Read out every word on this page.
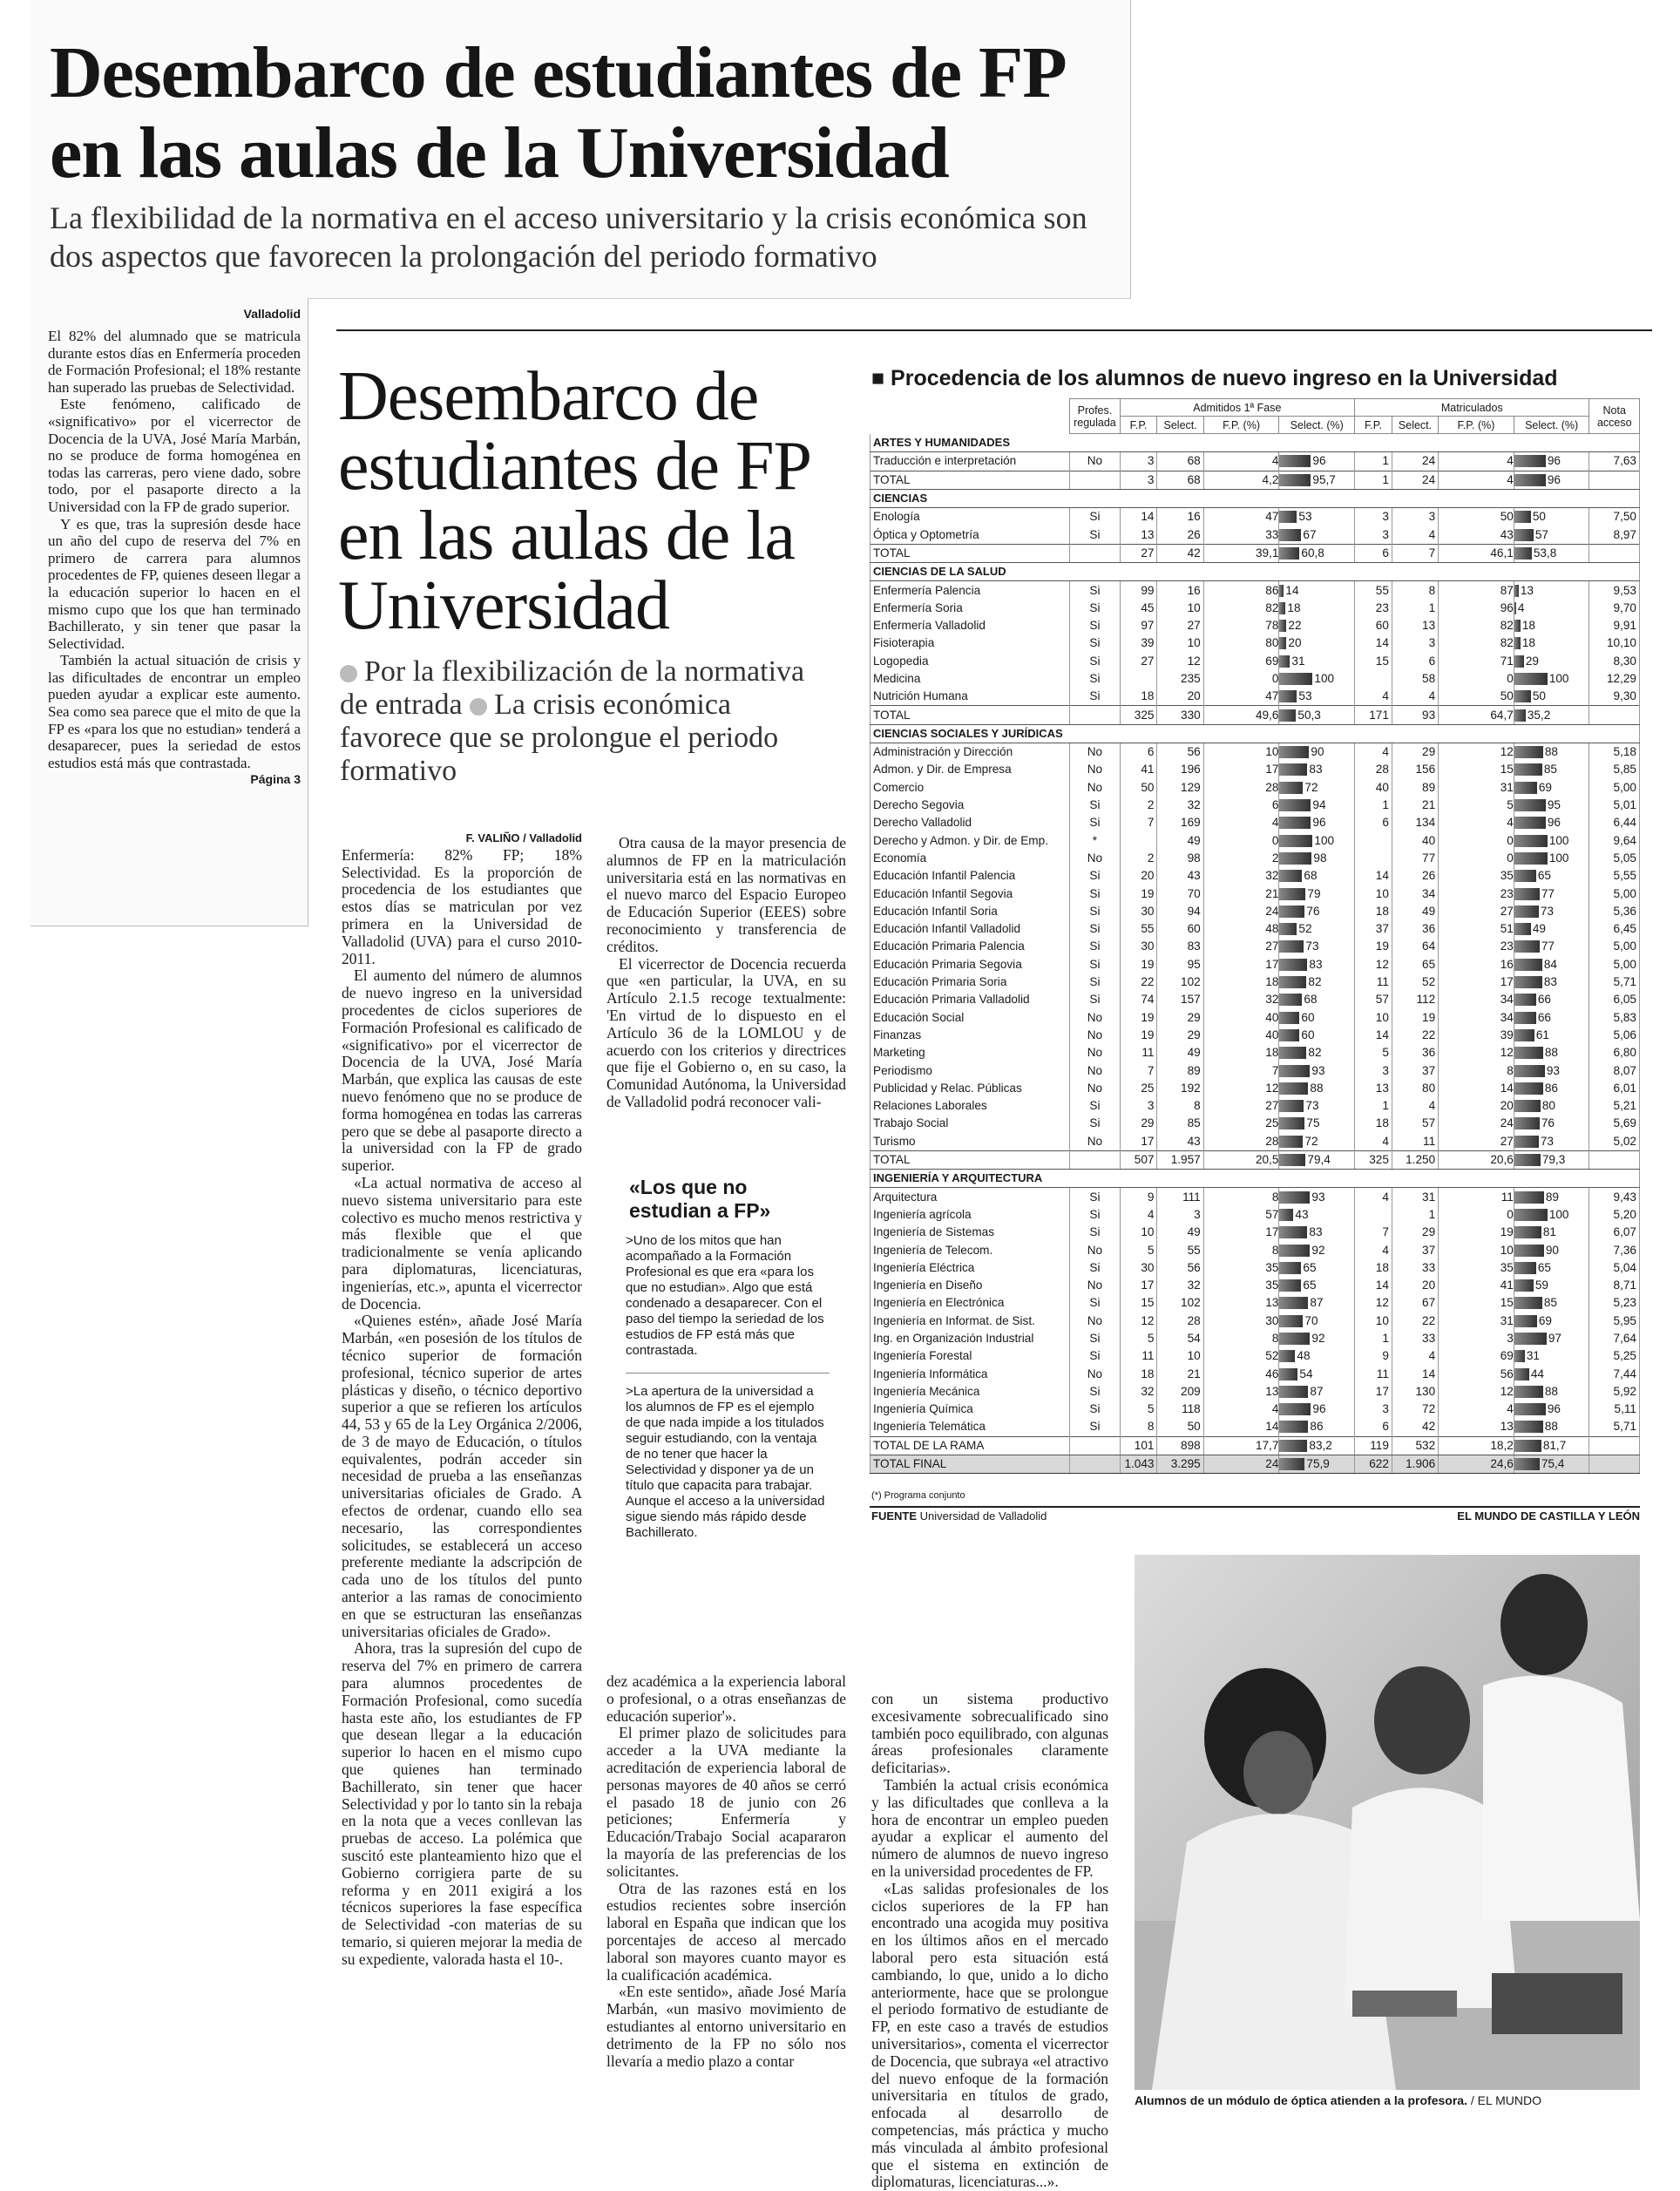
Desembarco de estudiantes de FP en las aulas de la Universidad
La flexibilidad de la normativa en el acceso universitario y la crisis económica son dos aspectos que favorecen la prolongación del periodo formativo
Valladolid

El 82% del alumnado que se matricula durante estos días en Enfermería proceden de Formación Profesional; el 18% restante han superado las pruebas de Selectividad.

Este fenómeno, calificado de «significativo» por el vicerrector de Docencia de la UVA, José María Marbán, no se produce de forma homogénea en todas las carreras, pero viene dado, sobre todo, por el pasaporte directo a la Universidad con la FP de grado superior.

Y es que, tras la supresión desde hace un año del cupo de reserva del 7% en primero de carrera para alumnos procedentes de FP, quienes deseen llegar a la educación superior lo hacen en el mismo cupo que los que han terminado Bachillerato, y sin tener que pasar la Selectividad.

También la actual situación de crisis y las dificultades de encontrar un empleo pueden ayudar a explicar este aumento. Sea como sea parece que el mito de que la FP es «para los que no estudian» tenderá a desaparecer, pues la seriedad de estos estudios está más que contrastada.
Página 3

Desembarco de estudiantes de FP en las aulas de la Universidad
Por la flexibilización de la normativa de entrada La crisis económica favorece que se prolongue el periodo formativo
F. VALIÑO / Valladolid

Enfermería: 82% FP; 18% Selectividad. Es la proporción de procedencia de los estudiantes que estos días se matriculan por vez primera en la Universidad de Valladolid (UVA) para el curso 2010-2011.

El aumento del número de alumnos de nuevo ingreso en la universidad procedentes de ciclos superiores de Formación Profesional es calificado de «significativo» por el vicerrector de Docencia de la UVA, José María Marbán, que explica las causas de este nuevo fenómeno que no se produce de forma homogénea en todas las carreras pero que se debe al pasaporte directo a la universidad con la FP de grado superior.

«La actual normativa de acceso al nuevo sistema universitario para este colectivo es mucho menos restrictiva y más flexible que el que tradicionalmente se venía aplicando para diplomaturas, licenciaturas, ingenierías, etc.», apunta el vicerrector de Docencia.

«Quienes estén», añade José María Marbán, «en posesión de los títulos de técnico superior de formación profesional, técnico superior de artes plásticas y diseño, o técnico deportivo superior a que se refieren los artículos 44, 53 y 65 de la Ley Orgánica 2/2006, de 3 de mayo de Educación, o títulos equivalentes, podrán acceder sin necesidad de prueba a las enseñanzas universitarias oficiales de Grado. A efectos de ordenar, cuando ello sea necesario, las correspondientes solicitudes, se establecerá un acceso preferente mediante la adscripción de cada uno de los títulos del punto anterior a las ramas de conocimiento en que se estructuran las enseñanzas universitarias oficiales de Grado».

Ahora, tras la supresión del cupo de reserva del 7% en primero de carrera para alumnos procedentes de Formación Profesional, como sucedía hasta este año, los estudiantes de FP que desean llegar a la educación superior lo hacen en el mismo cupo que quienes han terminado Bachillerato, sin tener que hacer Selectividad y por lo tanto sin la rebaja en la nota que a veces conllevan las pruebas de acceso. La polémica que suscitó este planteamiento hizo que el Gobierno corrigiera parte de su reforma y en 2011 exigirá a los técnicos superiores la fase específica de Selectividad -con materias de su temario, si quieren mejorar la media de su expediente, valorada hasta el 10-.

Otra causa de la mayor presencia de alumnos de FP en la matriculación universitaria está en las normativas en el nuevo marco del Espacio Europeo de Educación Superior (EEES) sobre reconocimiento y transferencia de créditos.

El vicerrector de Docencia recuerda que «en particular, la UVA, en su Artículo 2.1.5 recoge textualmente: 'En virtud de lo dispuesto en el Artículo 36 de la LOMLOU y de acuerdo con los criterios y directrices que fije el Gobierno o, en su caso, la Comunidad Autónoma, la Universidad de Valladolid podrá reconocer vali-

«Los que no estudian a FP»
>Uno de los mitos que han acompañado a la Formación Profesional es que era «para los que no estudian». Algo que está condenado a desaparecer. Con el paso del tiempo la seriedad de los estudios de FP está más que contrastada.
>La apertura de la universidad a los alumnos de FP es el ejemplo de que nada impide a los titulados seguir estudiando, con la ventaja de no tener que hacer la Selectividad y disponer ya de un título que capacita para trabajar. Aunque el acceso a la universidad sigue siendo más rápido desde Bachillerato.

dez académica a la experiencia laboral o profesional, o a otras enseñanzas de educación superior'».

El primer plazo de solicitudes para acceder a la UVA mediante la acreditación de experiencia laboral de personas mayores de 40 años se cerró el pasado 18 de junio con 26 peticiones; Enfermería y Educación/Trabajo Social acapararon la mayoría de las preferencias de los solicitantes.

Otra de las razones está en los estudios recientes sobre inserción laboral en España que indican que los porcentajes de acceso al mercado laboral son mayores cuanto mayor es la cualificación académica.

«En este sentido», añade José María Marbán, «un masivo movimiento de estudiantes al entorno universitario en detrimento de la FP no sólo nos llevaría a medio plazo a contar

con un sistema productivo excesivamente sobrecualificado sino también poco equilibrado, con algunas áreas profesionales claramente deficitarias».

También la actual crisis económica y las dificultades que conlleva a la hora de encontrar un empleo pueden ayudar a explicar el aumento del número de alumnos de nuevo ingreso en la universidad procedentes de FP.

«Las salidas profesionales de los ciclos superiores de la FP han encontrado una acogida muy positiva en los últimos años en el mercado laboral pero esta situación está cambiando, lo que, unido a lo dicho anteriormente, hace que se prolongue el periodo formativo de estudiante de FP, en este caso a través de estudios universitarios», comenta el vicerrector de Docencia, que subraya «el atractivo del nuevo enfoque de la formación universitaria en títulos de grado, enfocada al desarrollo de competencias, más práctica y mucho más vinculada al ámbito profesional que el sistema en extinción de diplomaturas, licenciaturas...».

■ Procedencia de los alumnos de nuevo ingreso en la Universidad
	Profes. regulada	Admitidos 1ª Fase				Matriculados				Nota acceso
		F.P.	Select.	F.P. (%)	Select. (%)	F.P.	Select.	F.P. (%)	Select. (%)	
ARTES Y HUMANIDADES										
Traducción e interpretación	No	3	68	4	96	1	24	4	96	7,63
TOTAL		3	68	4,2	95,7	1	24	4	96	

CIENCIAS										
Enología	Si	14	16	47	53	3	3	50	50	7,50
Óptica y Optometría	Si	13	26	33	67	3	4	43	57	8,97
TOTAL		27	42	39,1	60,8	6	7	46,1	53,8	

CIENCIAS DE LA SALUD										
Enfermería Palencia	Si	99	16	86	14	55	8	87	13	9,53
Enfermería Soria	Si	45	10	82	18	23	1	96	4	9,70
Enfermería Valladolid	Si	97	27	78	22	60	13	82	18	9,91
Fisioterapia	Si	39	10	80	20	14	3	82	18	10,10
Logopedia	Si	27	12	69	31	15	6	71	29	8,30
Medicina	Si		235	0	100		58	0	100	12,29
Nutrición Humana	Si	18	20	47	53	4	4	50	50	9,30
TOTAL		325	330	49,6	50,3	171	93	64,7	35,2	

CIENCIAS SOCIALES Y JURÍDICAS										
Administración y Dirección	No	6	56	10	90	4	29	12	88	5,18
Admon. y Dir. de Empresa	No	41	196	17	83	28	156	15	85	5,85
Comercio	No	50	129	28	72	40	89	31	69	5,00
Derecho Segovia	Si	2	32	6	94	1	21	5	95	5,01
Derecho Valladolid	Si	7	169	4	96	6	134	4	96	6,44
Derecho y Admon. y Dir. de Emp.	*		49	0	100		40	0	100	9,64
Economía	No	2	98	2	98		77	0	100	5,05
Educación Infantil Palencia	Si	20	43	32	68	14	26	35	65	5,55
Educación Infantil Segovia	Si	19	70	21	79	10	34	23	77	5,00
Educación Infantil Soria	Si	30	94	24	76	18	49	27	73	5,36
Educación Infantil Valladolid	Si	55	60	48	52	37	36	51	49	6,45
Educación Primaria Palencia	Si	30	83	27	73	19	64	23	77	5,00
Educación Primaria Segovia	Si	19	95	17	83	12	65	16	84	5,00
Educación Primaria Soria	Si	22	102	18	82	11	52	17	83	5,71
Educación Primaria Valladolid	Si	74	157	32	68	57	112	34	66	6,05
Educación Social	No	19	29	40	60	10	19	34	66	5,83
Finanzas	No	19	29	40	60	14	22	39	61	5,06
Marketing	No	11	49	18	82	5	36	12	88	6,80
Periodismo	No	7	89	7	93	3	37	8	93	8,07
Publicidad y Relac. Públicas	No	25	192	12	88	13	80	14	86	6,01
Relaciones Laborales	Si	3	8	27	73	1	4	20	80	5,21
Trabajo Social	Si	29	85	25	75	18	57	24	76	5,69
Turismo	No	17	43	28	72	4	11	27	73	5,02
TOTAL		507	1.957	20,5	79,4	325	1.250	20,6	79,3	

INGENIERÍA Y ARQUITECTURA										
Arquitectura	Si	9	111	8	93	4	31	11	89	9,43
Ingeniería agrícola	Si	4	3	57	43		1	0	100	5,20
Ingeniería de Sistemas	Si	10	49	17	83	7	29	19	81	6,07
Ingeniería de Telecom.	No	5	55	8	92	4	37	10	90	7,36
Ingeniería Eléctrica	Si	30	56	35	65	18	33	35	65	5,04
Ingeniería en Diseño	No	17	32	35	65	14	20	41	59	8,71
Ingeniería en Electrónica	Si	15	102	13	87	12	67	15	85	5,23
Ingeniería en Informat. de Sist.	No	12	28	30	70	10	22	31	69	5,95
Ing. en Organización Industrial	Si	5	54	8	92	1	33	3	97	7,64
Ingeniería Forestal	Si	11	10	52	48	9	4	69	31	5,25
Ingeniería Informática	No	18	21	46	54	11	14	56	44	7,44
Ingeniería Mecánica	Si	32	209	13	87	17	130	12	88	5,92
Ingeniería Química	Si	5	118	4	96	3	72	4	96	5,11
Ingeniería Telemática	Si	8	50	14	86	6	42	13	88	5,71
TOTAL DE LA RAMA		101	898	17,7	83,2	119	532	18,2	81,7	

TOTAL FINAL		1.043	3.295	24	75,9	622	1.906	24,6	75,4	

(*) Programa conjunto
FUENTE Universidad de Valladolid	EL MUNDO DE CASTILLA Y LEÓN
Alumnos de un módulo de óptica atienden a la profesora. / EL MUNDO
